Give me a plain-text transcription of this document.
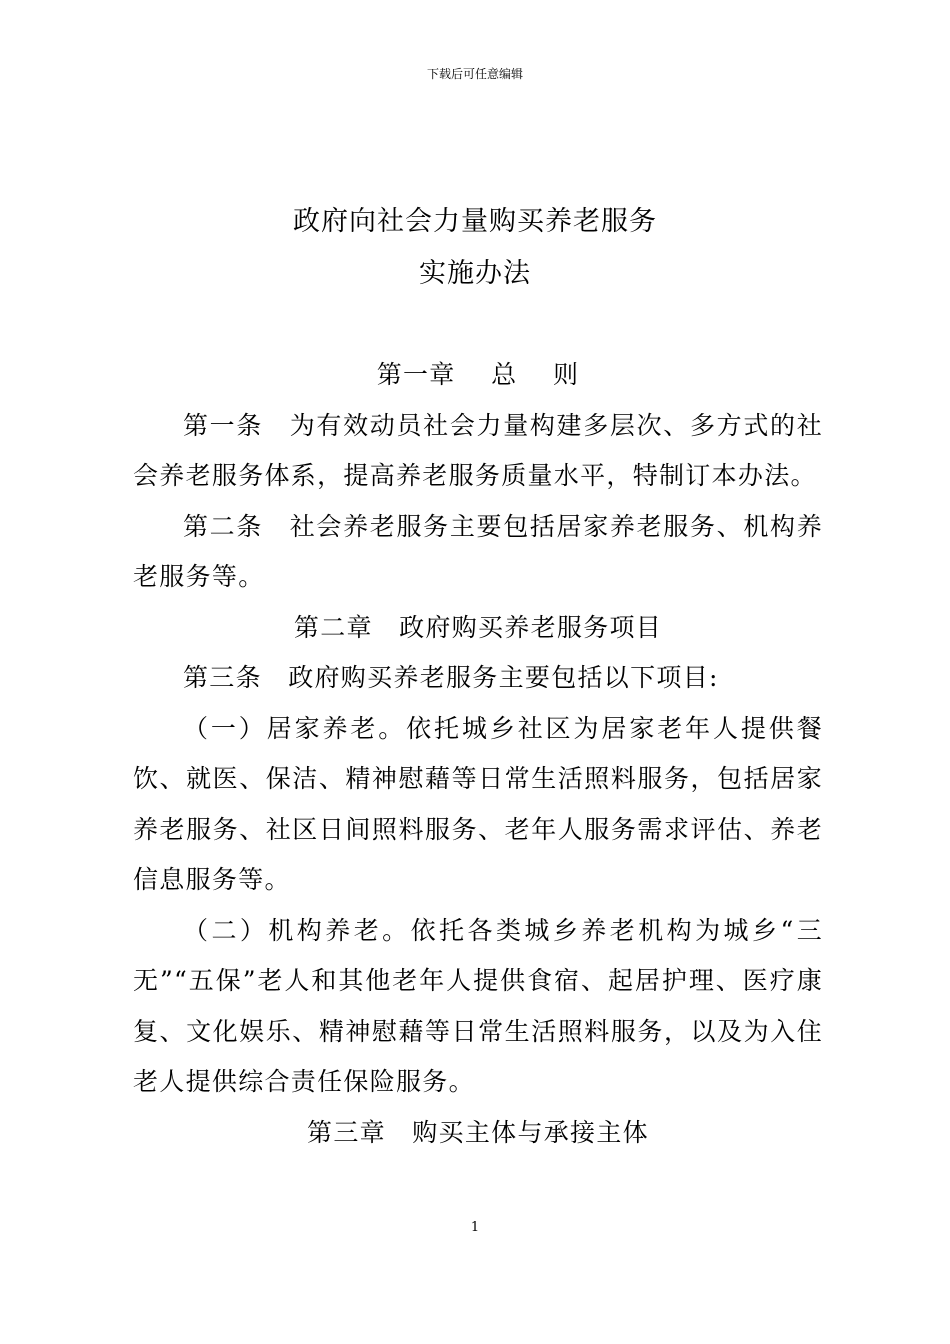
下载后可任意编辑
政府向社会力量购买养老服务
实施办法

第一章　 总　 则

第一条　为有效动员社会力量构建多层次、多方式的社会养老服务体系，提高养老服务质量水平，特制订本办法。

第二条　社会养老服务主要包括居家养老服务、机构养老服务等。

第二章　政府购买养老服务项目

第三条　政府购买养老服务主要包括以下项目:

（一）居家养老。依托城乡社区为居家老年人提供餐饮、就医、保洁、精神慰藉等日常生活照料服务，包括居家养老服务、社区日间照料服务、老年人服务需求评估、养老信息服务等。

（二）机构养老。依托各类城乡养老机构为城乡“三无”“五保”老人和其他老年人提供食宿、起居护理、医疗康复、文化娱乐、精神慰藉等日常生活照料服务，以及为入住老人提供综合责任保险服务。

第三章　购买主体与承接主体

1
